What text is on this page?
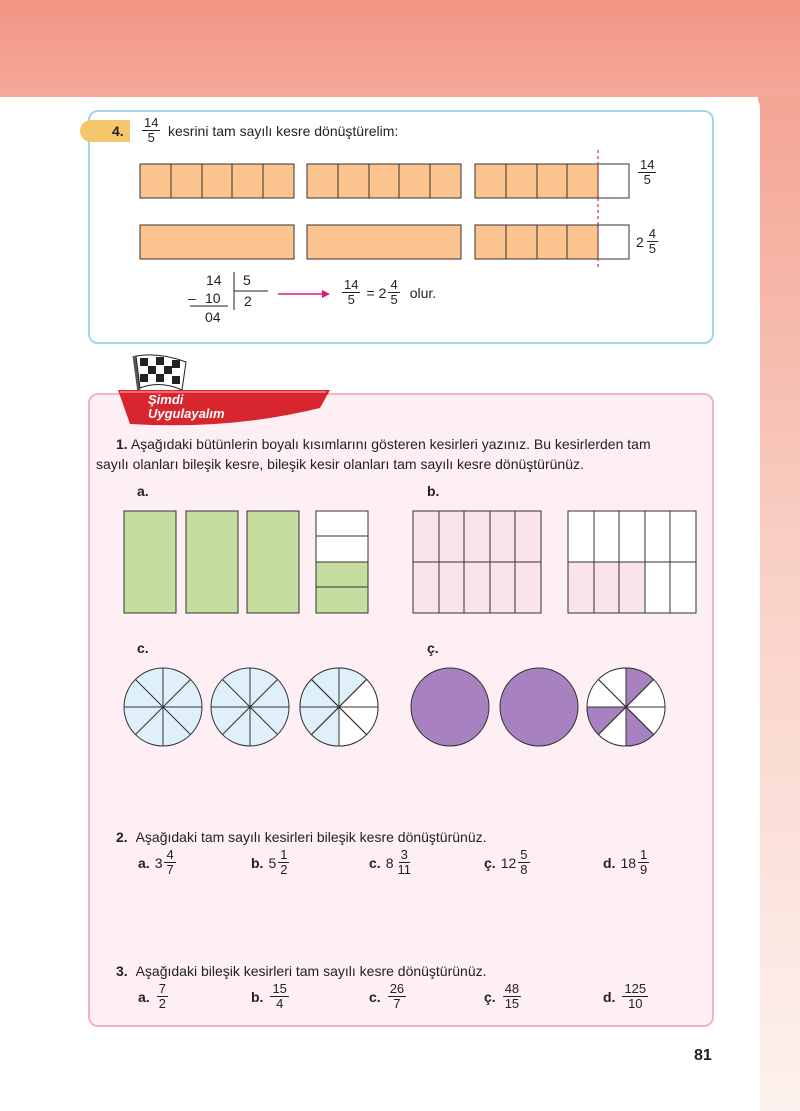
4. $\frac{14}{5}$ kesrini tam sayılı kesre dönüştürelim:
$\frac{14}{5}$
$2 \frac{4}{5}$
14 5
– 10 2
04
$\frac{14}{5} = 2 \frac{4}{5}$ olur.
Şimdi
Uygulayalım
1. Aşağıdaki bütünlerin boyalı kısımlarını gösteren kesirleri yazınız. Bu kesirlerden tam
sayılı olanları bileşik kesre, bileşik kesir olanları tam sayılı kesre dönüştürünüz.
a.	b.
c.	ç.
2. Aşağıdaki tam sayılı kesirleri bileşik kesre dönüştürünüz.
a. $3 \frac{4}{7}$	b. $5 \frac{1}{2}$	c. $8 \frac{3}{11}$	ç. $12 \frac{5}{8}$	d. $18 \frac{1}{9}$
3. Aşağıdaki bileşik kesirleri tam sayılı kesre dönüştürünüz.
a. $\frac{7}{2}$	b. $\frac{15}{4}$	c. $\frac{26}{7}$	ç. $\frac{48}{15}$	d. $\frac{125}{10}$
81
